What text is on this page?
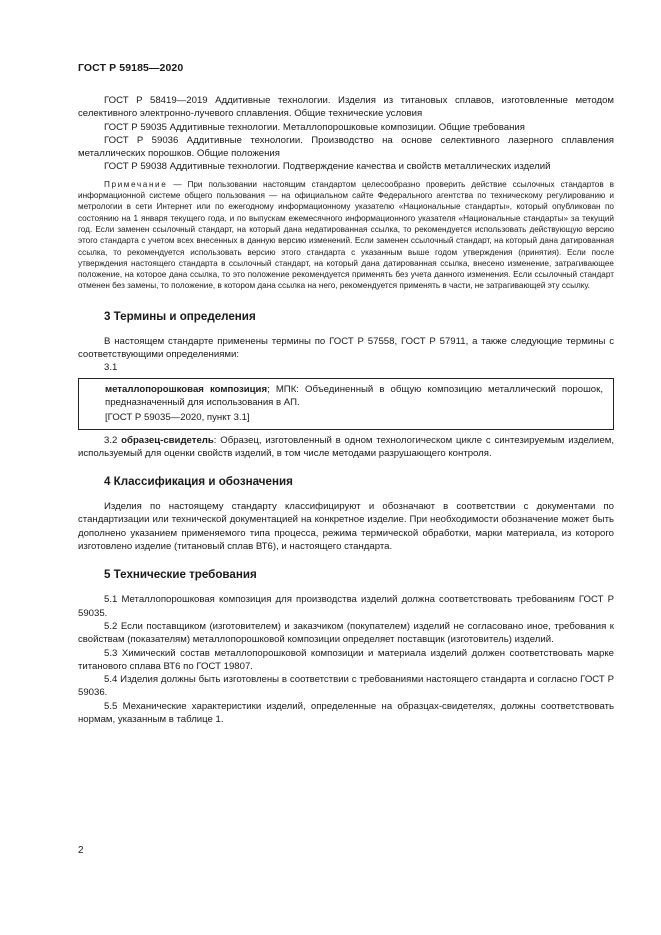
ГОСТ Р 59185—2020

ГОСТ Р 58419—2019 Аддитивные технологии. Изделия из титановых сплавов, изготовленные методом селективного электронно-лучевого сплавления. Общие технические условия

ГОСТ Р 59035 Аддитивные технологии. Металлопорошковые композиции. Общие требования

ГОСТ Р 59036 Аддитивные технологии. Производство на основе селективного лазерного сплавления металлических порошков. Общие положения

ГОСТ Р 59038 Аддитивные технологии. Подтверждение качества и свойств металлических изделий

Примечание — При пользовании настоящим стандартом целесообразно проверить действие ссылочных стандартов в информационной системе общего пользования — на официальном сайте Федерального агентства по техническому регулированию и метрологии в сети Интернет или по ежегодному информационному указателю «Национальные стандарты», который опубликован по состоянию на 1 января текущего года, и по выпускам ежемесячного информационного указателя «Национальные стандарты» за текущий год. Если заменен ссылочный стандарт, на который дана недатированная ссылка, то рекомендуется использовать действующую версию этого стандарта с учетом всех внесенных в данную версию изменений. Если заменен ссылочный стандарт, на который дана датированная ссылка, то рекомендуется использовать версию этого стандарта с указанным выше годом утверждения (принятия). Если после утверждения настоящего стандарта в ссылочный стандарт, на который дана датированная ссылка, внесено изменение, затрагивающее положение, на которое дана ссылка, то это положение рекомендуется применять без учета данного изменения. Если ссылочный стандарт отменен без замены, то положение, в котором дана ссылка на него, рекомендуется применять в части, не затрагивающей эту ссылку.

3 Термины и определения

В настоящем стандарте применены термины по ГОСТ Р 57558, ГОСТ Р 57911, а также следующие термины с соответствующими определениями:

3.1

металлопорошковая композиция; МПК: Объединенный в общую композицию металлический порошок, предназначенный для использования в АП.

[ГОСТ Р 59035—2020, пункт 3.1]

3.2 образец-свидетель: Образец, изготовленный в одном технологическом цикле с синтезируемым изделием, используемый для оценки свойств изделий, в том числе методами разрушающего контроля.

4 Классификация и обозначения

Изделия по настоящему стандарту классифицируют и обозначают в соответствии с документами по стандартизации или технической документацией на конкретное изделие. При необходимости обозначение может быть дополнено указанием применяемого типа процесса, режима термической обработки, марки материала, из которого изготовлено изделие (титановый сплав ВТ6), и настоящего стандарта.

5 Технические требования

5.1 Металлопорошковая композиция для производства изделий должна соответствовать требованиям ГОСТ Р 59035.

5.2 Если поставщиком (изготовителем) и заказчиком (покупателем) изделий не согласовано иное, требования к свойствам (показателям) металлопорошковой композиции определяет поставщик (изготовитель) изделий.

5.3 Химический состав металлопорошковой композиции и материала изделий должен соответствовать марке титанового сплава ВТ6 по ГОСТ 19807.

5.4 Изделия должны быть изготовлены в соответствии с требованиями настоящего стандарта и согласно ГОСТ Р 59036.

5.5 Механические характеристики изделий, определенные на образцах-свидетелях, должны соответствовать нормам, указанным в таблице 1.

2
